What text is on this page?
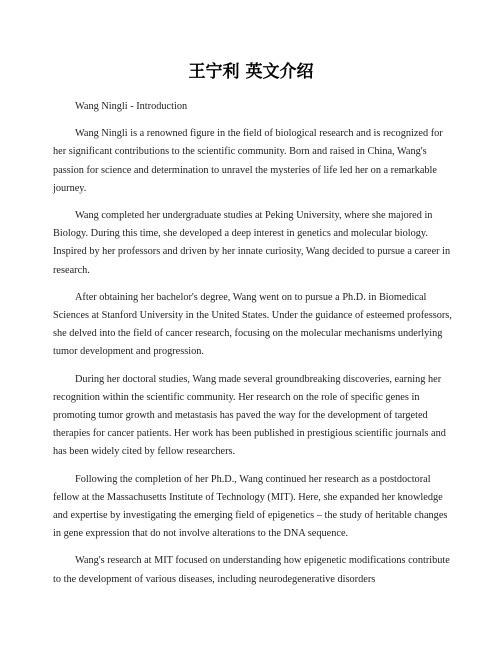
王宁利 英文介绍

Wang Ningli - Introduction

Wang Ningli is a renowned figure in the field of biological research and is recognized for her significant contributions to the scientific community. Born and raised in China, Wang's passion for science and determination to unravel the mysteries of life led her on a remarkable journey.

Wang completed her undergraduate studies at Peking University, where she majored in Biology. During this time, she developed a deep interest in genetics and molecular biology. Inspired by her professors and driven by her innate curiosity, Wang decided to pursue a career in research.

After obtaining her bachelor's degree, Wang went on to pursue a Ph.D. in Biomedical Sciences at Stanford University in the United States. Under the guidance of esteemed professors, she delved into the field of cancer research, focusing on the molecular mechanisms underlying tumor development and progression.

During her doctoral studies, Wang made several groundbreaking discoveries, earning her recognition within the scientific community. Her research on the role of specific genes in promoting tumor growth and metastasis has paved the way for the development of targeted therapies for cancer patients. Her work has been published in prestigious scientific journals and has been widely cited by fellow researchers.

Following the completion of her Ph.D., Wang continued her research as a postdoctoral fellow at the Massachusetts Institute of Technology (MIT). Here, she expanded her knowledge and expertise by investigating the emerging field of epigenetics – the study of heritable changes in gene expression that do not involve alterations to the DNA sequence.

Wang's research at MIT focused on understanding how epigenetic modifications contribute to the development of various diseases, including neurodegenerative disorders
